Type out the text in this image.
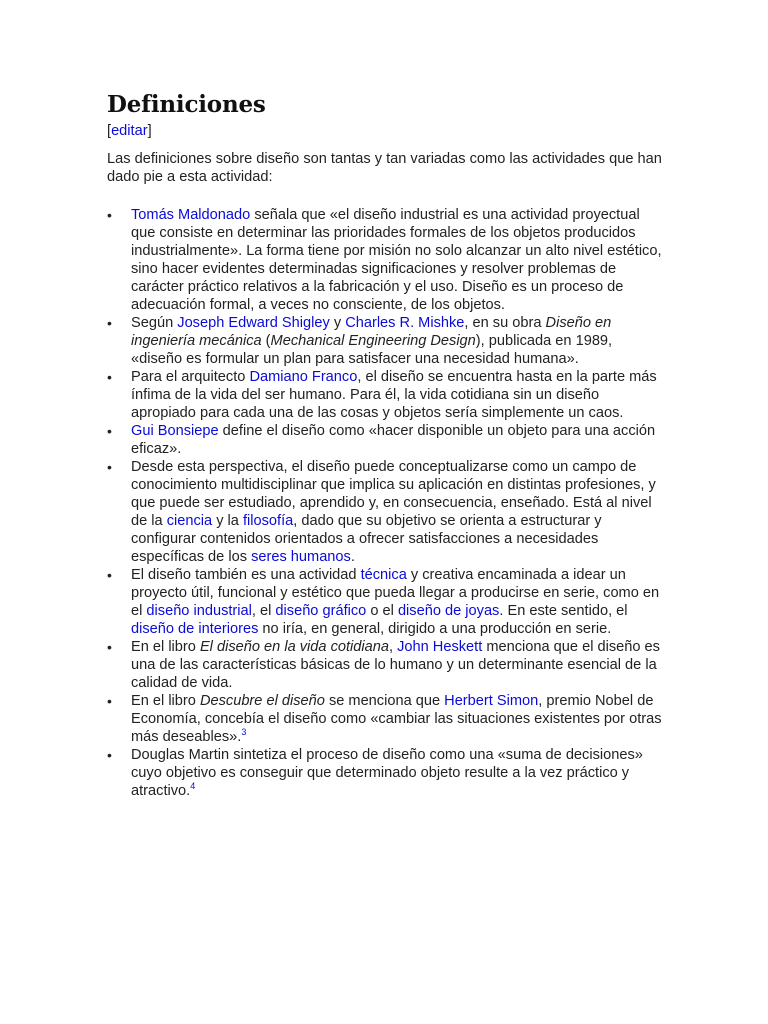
Definiciones
[editar]

Las definiciones sobre diseño son tantas y tan variadas como las actividades que han dado pie a esta actividad:

• Tomás Maldonado señala que «el diseño industrial es una actividad proyectual que consiste en determinar las prioridades formales de los objetos producidos industrialmente». La forma tiene por misión no solo alcanzar un alto nivel estético, sino hacer evidentes determinadas significaciones y resolver problemas de carácter práctico relativos a la fabricación y el uso. Diseño es un proceso de adecuación formal, a veces no consciente, de los objetos.
• Según Joseph Edward Shigley y Charles R. Mishke, en su obra Diseño en ingeniería mecánica (Mechanical Engineering Design), publicada en 1989, «diseño es formular un plan para satisfacer una necesidad humana».
• Para el arquitecto Damiano Franco, el diseño se encuentra hasta en la parte más ínfima de la vida del ser humano. Para él, la vida cotidiana sin un diseño apropiado para cada una de las cosas y objetos sería simplemente un caos.
• Gui Bonsiepe define el diseño como «hacer disponible un objeto para una acción eficaz».
• Desde esta perspectiva, el diseño puede conceptualizarse como un campo de conocimiento multidisciplinar que implica su aplicación en distintas profesiones, y que puede ser estudiado, aprendido y, en consecuencia, enseñado. Está al nivel de la ciencia y la filosofía, dado que su objetivo se orienta a estructurar y configurar contenidos orientados a ofrecer satisfacciones a necesidades específicas de los seres humanos.
• El diseño también es una actividad técnica y creativa encaminada a idear un proyecto útil, funcional y estético que pueda llegar a producirse en serie, como en el diseño industrial, el diseño gráfico o el diseño de joyas. En este sentido, el diseño de interiores no iría, en general, dirigido a una producción en serie.
• En el libro El diseño en la vida cotidiana, John Heskett menciona que el diseño es una de las características básicas de lo humano y un determinante esencial de la calidad de vida.
• En el libro Descubre el diseño se menciona que Herbert Simon, premio Nobel de Economía, concebía el diseño como «cambiar las situaciones existentes por otras más deseables».$^3$
• Douglas Martin sintetiza el proceso de diseño como una «suma de decisiones» cuyo objetivo es conseguir que determinado objeto resulte a la vez práctico y atractivo.$^4$
